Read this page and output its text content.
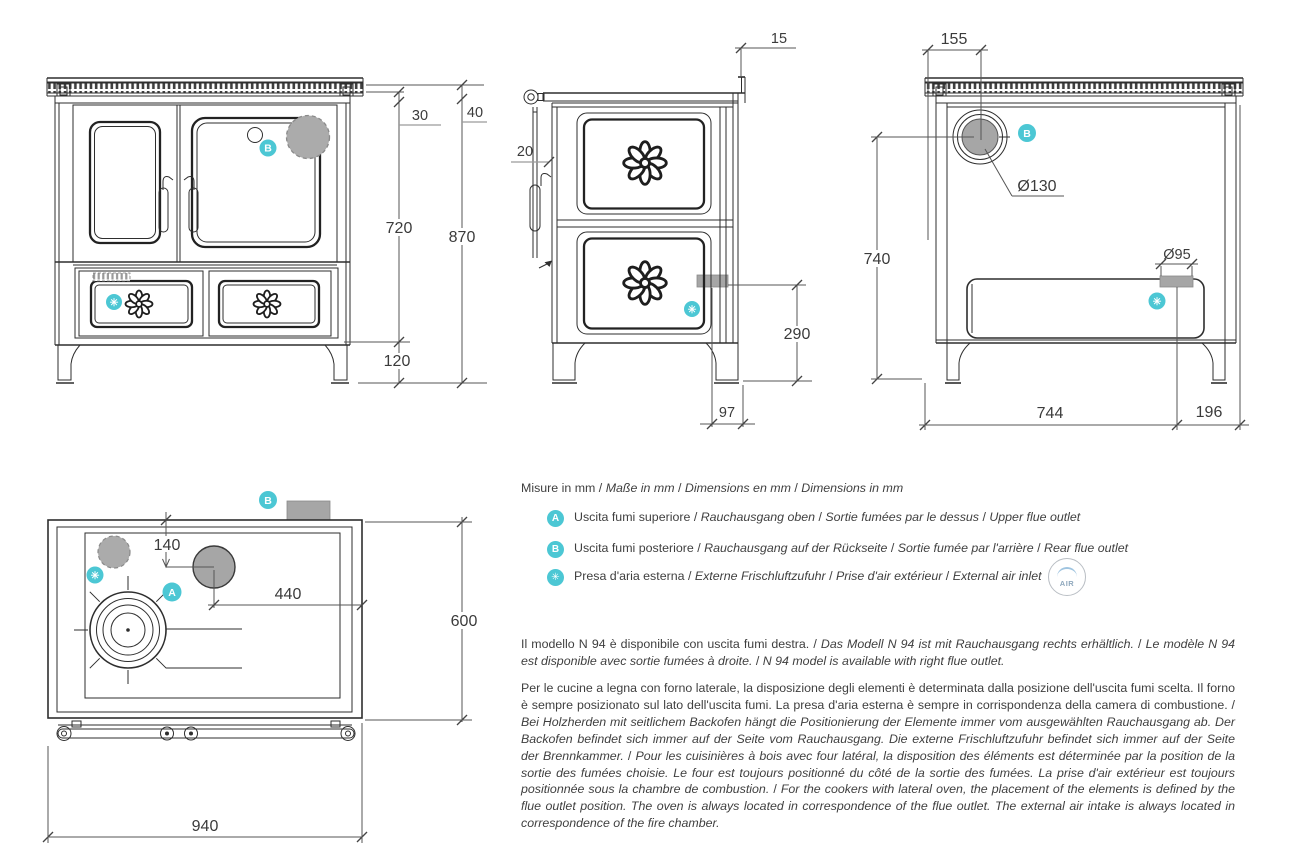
B
✳
30	40
720
870
120
✳
15
20
290
97
B
✳
155
Ø130
740	Ø95
744	196
B
✳
A
140
440
600
940
Misure in mm / Maße in mm / Dimensions en mm / Dimensions in mm
A	Uscita fumi superiore / Rauchausgang oben / Sortie fumées par le dessus / Upper flue outlet
B	Uscita fumi posteriore / Rauchausgang auf der Rückseite / Sortie fumée par l'arrière / Rear flue outlet
✳	Presa d'aria esterna / Externe Frischluftzufuhr / Prise d'air extérieur / External air inlet
AIR
Il modello N 94 è disponibile con uscita fumi destra. / Das Modell N 94 ist mit Rauchausgang rechts erhältlich. / Le modèle N 94 est disponible avec sortie fumées à droite. / N 94 model is available with right flue outlet.
Per le cucine a legna con forno laterale, la disposizione degli elementi è determinata dalla posizione dell'uscita fumi scelta. Il forno è sempre posizionato sul lato dell'uscita fumi. La presa d'aria esterna è sempre in corrispondenza della camera di combustione. / Bei Holzherden mit seitlichem Backofen hängt die Positionierung der Elemente immer vom ausgewählten Rauchausgang ab. Der Backofen befindet sich immer auf der Seite vom Rauchausgang. Die externe Frischluftzufuhr befindet sich immer auf der Seite der Brennkammer. / Pour les cuisinières à bois avec four latéral, la disposition des éléments est déterminée par la position de la sortie des fumées choisie. Le four est toujours positionné du côté de la sortie des fumées. La prise d'air extérieur est toujours positionnée sous la chambre de combustion. / For the cookers with lateral oven, the placement of the elements is defined by the flue outlet position. The oven is always located in correspondence of the flue outlet. The external air intake is always located in correspondence of the fire chamber.
